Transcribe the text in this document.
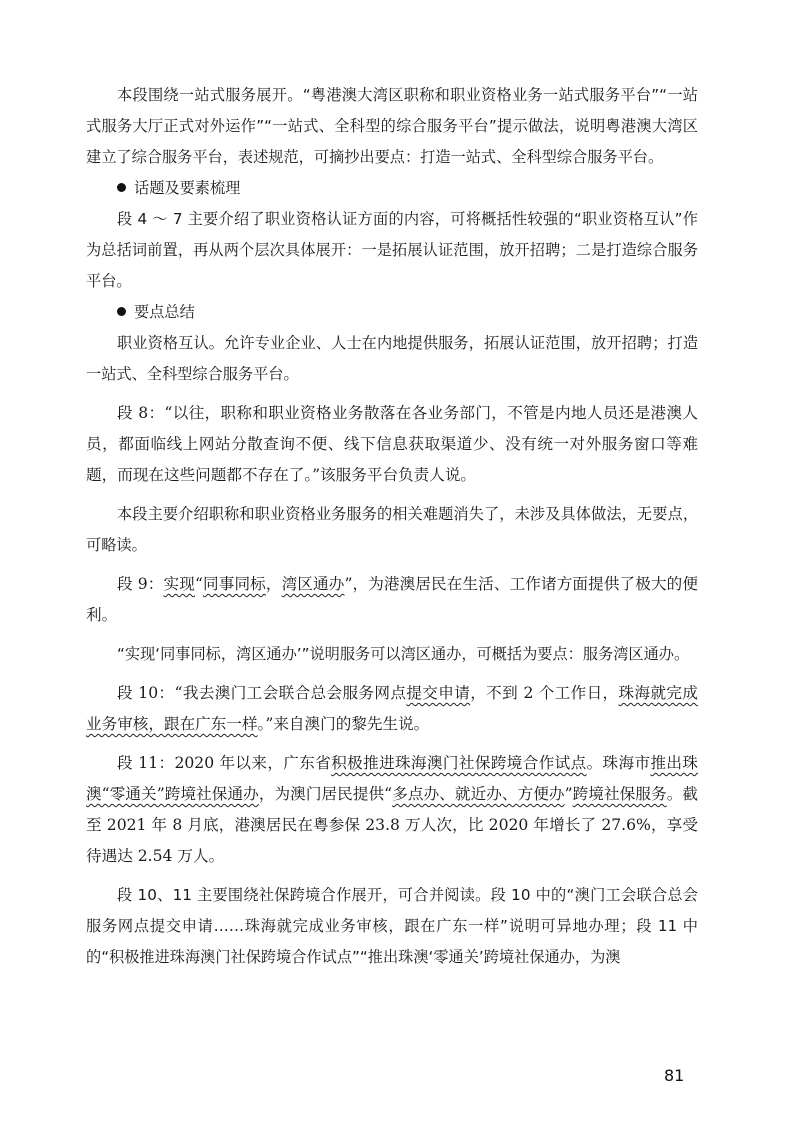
本段围绕一站式服务展开。“粤港澳大湾区职称和职业资格业务一站式服务平台”“一站式服务大厅正式对外运作”“一站式、全科型的综合服务平台”提示做法，说明粤港澳大湾区建立了综合服务平台，表述规范，可摘抄出要点：打造一站式、全科型综合服务平台。

话题及要素梳理

段 4 ～ 7 主要介绍了职业资格认证方面的内容，可将概括性较强的“职业资格互认”作为总括词前置，再从两个层次具体展开：一是拓展认证范围，放开招聘；二是打造综合服务平台。

要点总结

职业资格互认。允许专业企业、人士在内地提供服务，拓展认证范围，放开招聘；打造一站式、全科型综合服务平台。

段 8：“以往，职称和职业资格业务散落在各业务部门，不管是内地人员还是港澳人员，都面临线上网站分散查询不便、线下信息获取渠道少、没有统一对外服务窗口等难题，而现在这些问题都不存在了。”该服务平台负责人说。

本段主要介绍职称和职业资格业务服务的相关难题消失了，未涉及具体做法，无要点，可略读。

段 9：实现“同事同标，湾区通办”，为港澳居民在生活、工作诸方面提供了极大的便利。

“实现‘同事同标，湾区通办’”说明服务可以湾区通办，可概括为要点：服务湾区通办。

段 10：“我去澳门工会联合总会服务网点提交申请，不到 2 个工作日，珠海就完成业务审核，跟在广东一样。”来自澳门的黎先生说。

段 11：2020 年以来，广东省积极推进珠海澳门社保跨境合作试点。珠海市推出珠澳“零通关”跨境社保通办，为澳门居民提供“多点办、就近办、方便办”跨境社保服务。截至 2021 年 8 月底，港澳居民在粤参保 23.8 万人次，比 2020 年增长了 27.6%，享受待遇达 2.54 万人。

段 10、11 主要围绕社保跨境合作展开，可合并阅读。段 10 中的“澳门工会联合总会服务网点提交申请……珠海就完成业务审核，跟在广东一样”说明可异地办理；段 11 中的“积极推进珠海澳门社保跨境合作试点”“推出珠澳‘零通关’跨境社保通办，为澳

81
